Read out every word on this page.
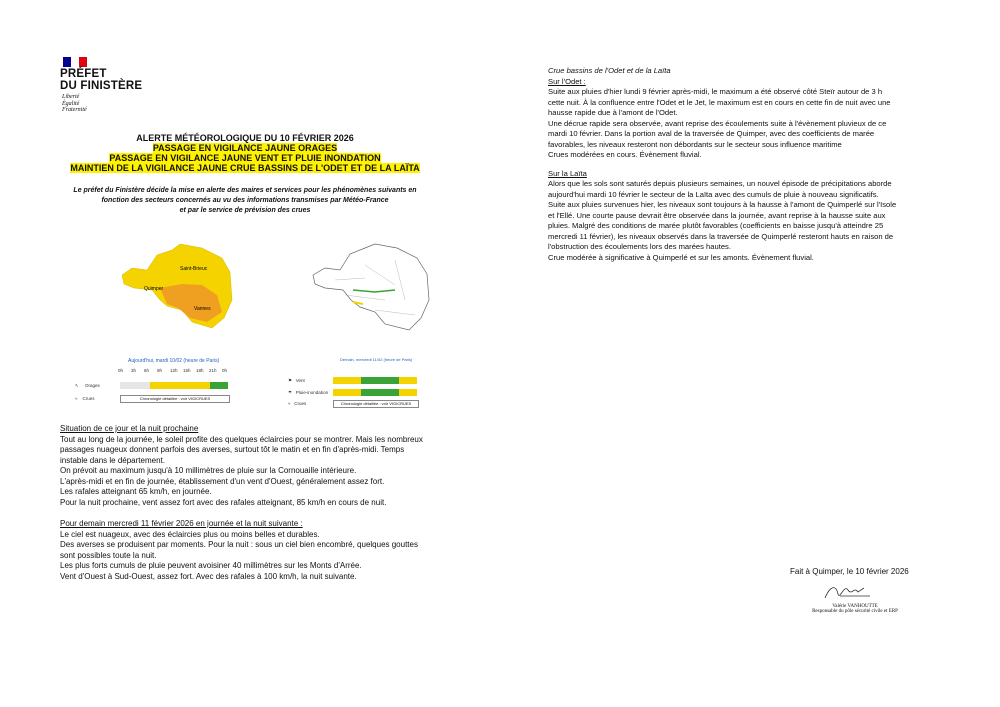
PRÉFET
DU FINISTÈRE
Liberté
Égalité
Fraternité
ALERTE MÉTÉOROLOGIQUE DU 10 FÉVRIER 2026
PASSAGE EN VIGILANCE JAUNE ORAGES
PASSAGE EN VIGILANCE JAUNE VENT ET PLUIE INONDATION
MAINTIEN DE LA VIGILANCE JAUNE CRUE BASSINS DE L'ODET ET DE LA LAÏTA
Le préfet du Finistère décide la mise en alerte des maires et services pour les phénomènes suivants en
fonction des secteurs concernés au vu des informations transmises par Météo-France
et par le service de prévision des crues
Saint-Brieuc
Quimper
Vannes
Aujourd'hui, mardi 10/02 (heure de Paris)
0h 3h 6h 9h 12h 15h 18h 21h 0h
↖     Orages
≈    Crues	Chronologie détaillée : voir VIGICRUES
Demain, mercredi 11/02 (heure de Paris)
⚑   Vent
☂   Pluie-inondation
≈   Crues	Chronologie détaillée : voir VIGICRUES

Situation de ce jour et la nuit prochaine

Tout au long de la journée, le soleil profite des quelques éclaircies pour se montrer. Mais les nombreux

passages nuageux donnent parfois des averses, surtout tôt le matin et en fin d'après-midi. Temps

instable dans le département.

On prévoit au maximum jusqu'à 10 millimètres de pluie sur la Cornouaille intérieure.

L'après-midi et en fin de journée, établissement d'un vent d'Ouest, généralement assez fort.

Les rafales atteignant 65 km/h, en journée.

Pour la nuit prochaine, vent assez fort avec des rafales atteignant, 85 km/h en cours de nuit.

Pour demain mercredi 11 février 2026 en journée et la nuit suivante :

Le ciel est nuageux, avec des éclaircies plus ou moins belles et durables.

Des averses se produisent par moments. Pour la nuit : sous un ciel bien encombré, quelques gouttes

sont possibles toute la nuit.

Les plus forts cumuls de pluie peuvent avoisiner 40 millimètres sur les Monts d'Arrée.

Vent d'Ouest à Sud-Ouest, assez fort. Avec des rafales à 100 km/h, la nuit suivante.

Crue bassins de l'Odet et de la Laïta

Sur l'Odet :

Suite aux pluies d'hier lundi 9 février après-midi, le maximum a été observé côté Steïr autour de 3 h

cette nuit. À la confluence entre l'Odet et le Jet, le maximum est en cours en cette fin de nuit avec une

hausse rapide due à l'amont de l'Odet.

Une décrue rapide sera observée, avant reprise des écoulements suite à l'évènement pluvieux de ce

mardi 10 février. Dans la portion aval de la traversée de Quimper, avec des coefficients de marée

favorables, les niveaux resteront non débordants sur le secteur sous influence maritime

Crues modérées en cours. Évènement fluvial.

Sur la Laïta

Alors que les sols sont saturés depuis plusieurs semaines, un nouvel épisode de précipitations aborde

aujourd'hui mardi 10 février le secteur de la Laïta avec des cumuls de pluie à nouveau significatifs.

Suite aux pluies survenues hier, les niveaux sont toujours à la hausse à l'amont de Quimperlé sur l'Isole

et l'Ellé. Une courte pause devrait être observée dans la journée, avant reprise à la hausse suite aux

pluies. Malgré des conditions de marée plutôt favorables (coefficients en baisse jusqu'à atteindre 25

mercredi 11 février), les niveaux observés dans la traversée de Quimperlé resteront hauts en raison de

l'obstruction des écoulements lors des marées hautes.

Crue modérée à significative à Quimperlé et sur les amonts. Évènement fluvial.

Fait à Quimper, le 10 février 2026
Valérie VANHOUTTE
Responsable du pôle sécurité civile et ERP
